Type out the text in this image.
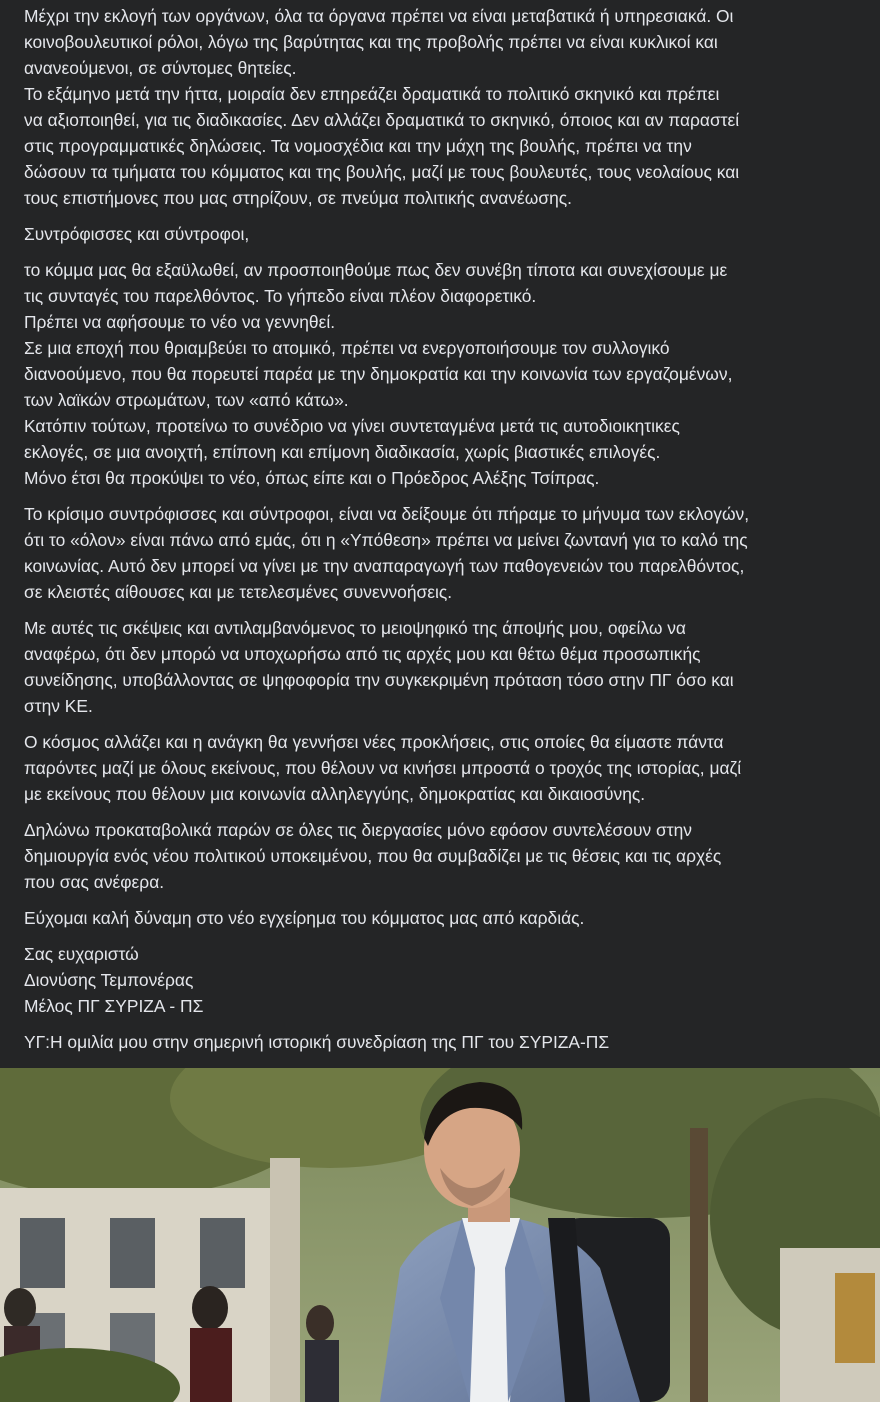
Μέχρι την εκλογή των οργάνων, όλα τα όργανα πρέπει να είναι μεταβατικά ή υπηρεσιακά. Οι
κοινοβουλευτικοί ρόλοι, λόγω της βαρύτητας και της προβολής πρέπει να είναι κυκλικοί και
ανανεούμενοι, σε σύντομες θητείες.
Το εξάμηνο μετά την ήττα, μοιραία δεν επηρεάζει δραματικά το πολιτικό σκηνικό και πρέπει
να αξιοποιηθεί, για τις διαδικασίες. Δεν αλλάζει δραματικά το σκηνικό, όποιος και αν παραστεί
στις προγραμματικές δηλώσεις. Τα νομοσχέδια και την μάχη της βουλής, πρέπει να την
δώσουν τα τμήματα του κόμματος και της βουλής, μαζί με τους βουλευτές, τους νεολαίους και
τους επιστήμονες που μας στηρίζουν, σε πνεύμα πολιτικής ανανέωσης.

Συντρόφισσες και σύντροφοι,

το κόμμα μας θα εξαϋλωθεί, αν προσποιηθούμε πως δεν συνέβη τίποτα και συνεχίσουμε με
τις συνταγές του παρελθόντος. Το γήπεδο είναι πλέον διαφορετικό.
Πρέπει να αφήσουμε το νέο να γεννηθεί.
Σε μια εποχή που θριαμβεύει το ατομικό, πρέπει να ενεργοποιήσουμε τον συλλογικό
διανοούμενο, που θα πορευτεί παρέα με την δημοκρατία και την κοινωνία των εργαζομένων,
των λαϊκών στρωμάτων, των «από κάτω».
Κατόπιν τούτων, προτείνω το συνέδριο να γίνει συντεταγμένα μετά τις αυτοδιοικητικες
εκλογές, σε μια ανοιχτή, επίπονη και επίμονη διαδικασία, χωρίς βιαστικές επιλογές.
Μόνο έτσι θα προκύψει το νέο, όπως είπε και ο Πρόεδρος Αλέξης Τσίπρας.

Το κρίσιμο συντρόφισσες και σύντροφοι, είναι να δείξουμε ότι πήραμε το μήνυμα των εκλογών,
ότι το «όλον» είναι πάνω από εμάς, ότι η «Υπόθεση» πρέπει να μείνει ζωντανή για το καλό της
κοινωνίας. Αυτό δεν μπορεί να γίνει με την αναπαραγωγή των παθογενειών του παρελθόντος,
σε κλειστές αίθουσες και με τετελεσμένες συνεννοήσεις.

Με αυτές τις σκέψεις και αντιλαμβανόμενος το μειοψηφικό της άποψής μου, οφείλω να
αναφέρω, ότι δεν μπορώ να υποχωρήσω από τις αρχές μου και θέτω θέμα προσωπικής
συνείδησης, υποβάλλοντας σε ψηφοφορία την συγκεκριμένη πρόταση τόσο στην ΠΓ όσο και
στην ΚΕ.

Ο κόσμος αλλάζει και η ανάγκη θα γεννήσει νέες προκλήσεις, στις οποίες θα είμαστε πάντα
παρόντες μαζί με όλους εκείνους, που θέλουν να κινήσει μπροστά ο τροχός της ιστορίας, μαζί
με εκείνους που θέλουν μια κοινωνία αλληλεγγύης, δημοκρατίας και δικαιοσύνης.

Δηλώνω προκαταβολικά παρών σε όλες τις διεργασίες μόνο εφόσον συντελέσουν στην
δημιουργία ενός νέου πολιτικού υποκειμένου, που θα συμβαδίζει με τις θέσεις και τις αρχές
που σας ανέφερα.

Εύχομαι καλή δύναμη στο νέο εγχείρημα του κόμματος μας από καρδιάς.

Σας ευχαριστώ
Διονύσης Τεμπονέρας
Μέλος ΠΓ ΣΥΡΙΖΑ - ΠΣ

ΥΓ:Η ομιλία μου στην σημερινή ιστορική συνεδρίαση της ΠΓ του ΣΥΡΙΖΑ-ΠΣ
